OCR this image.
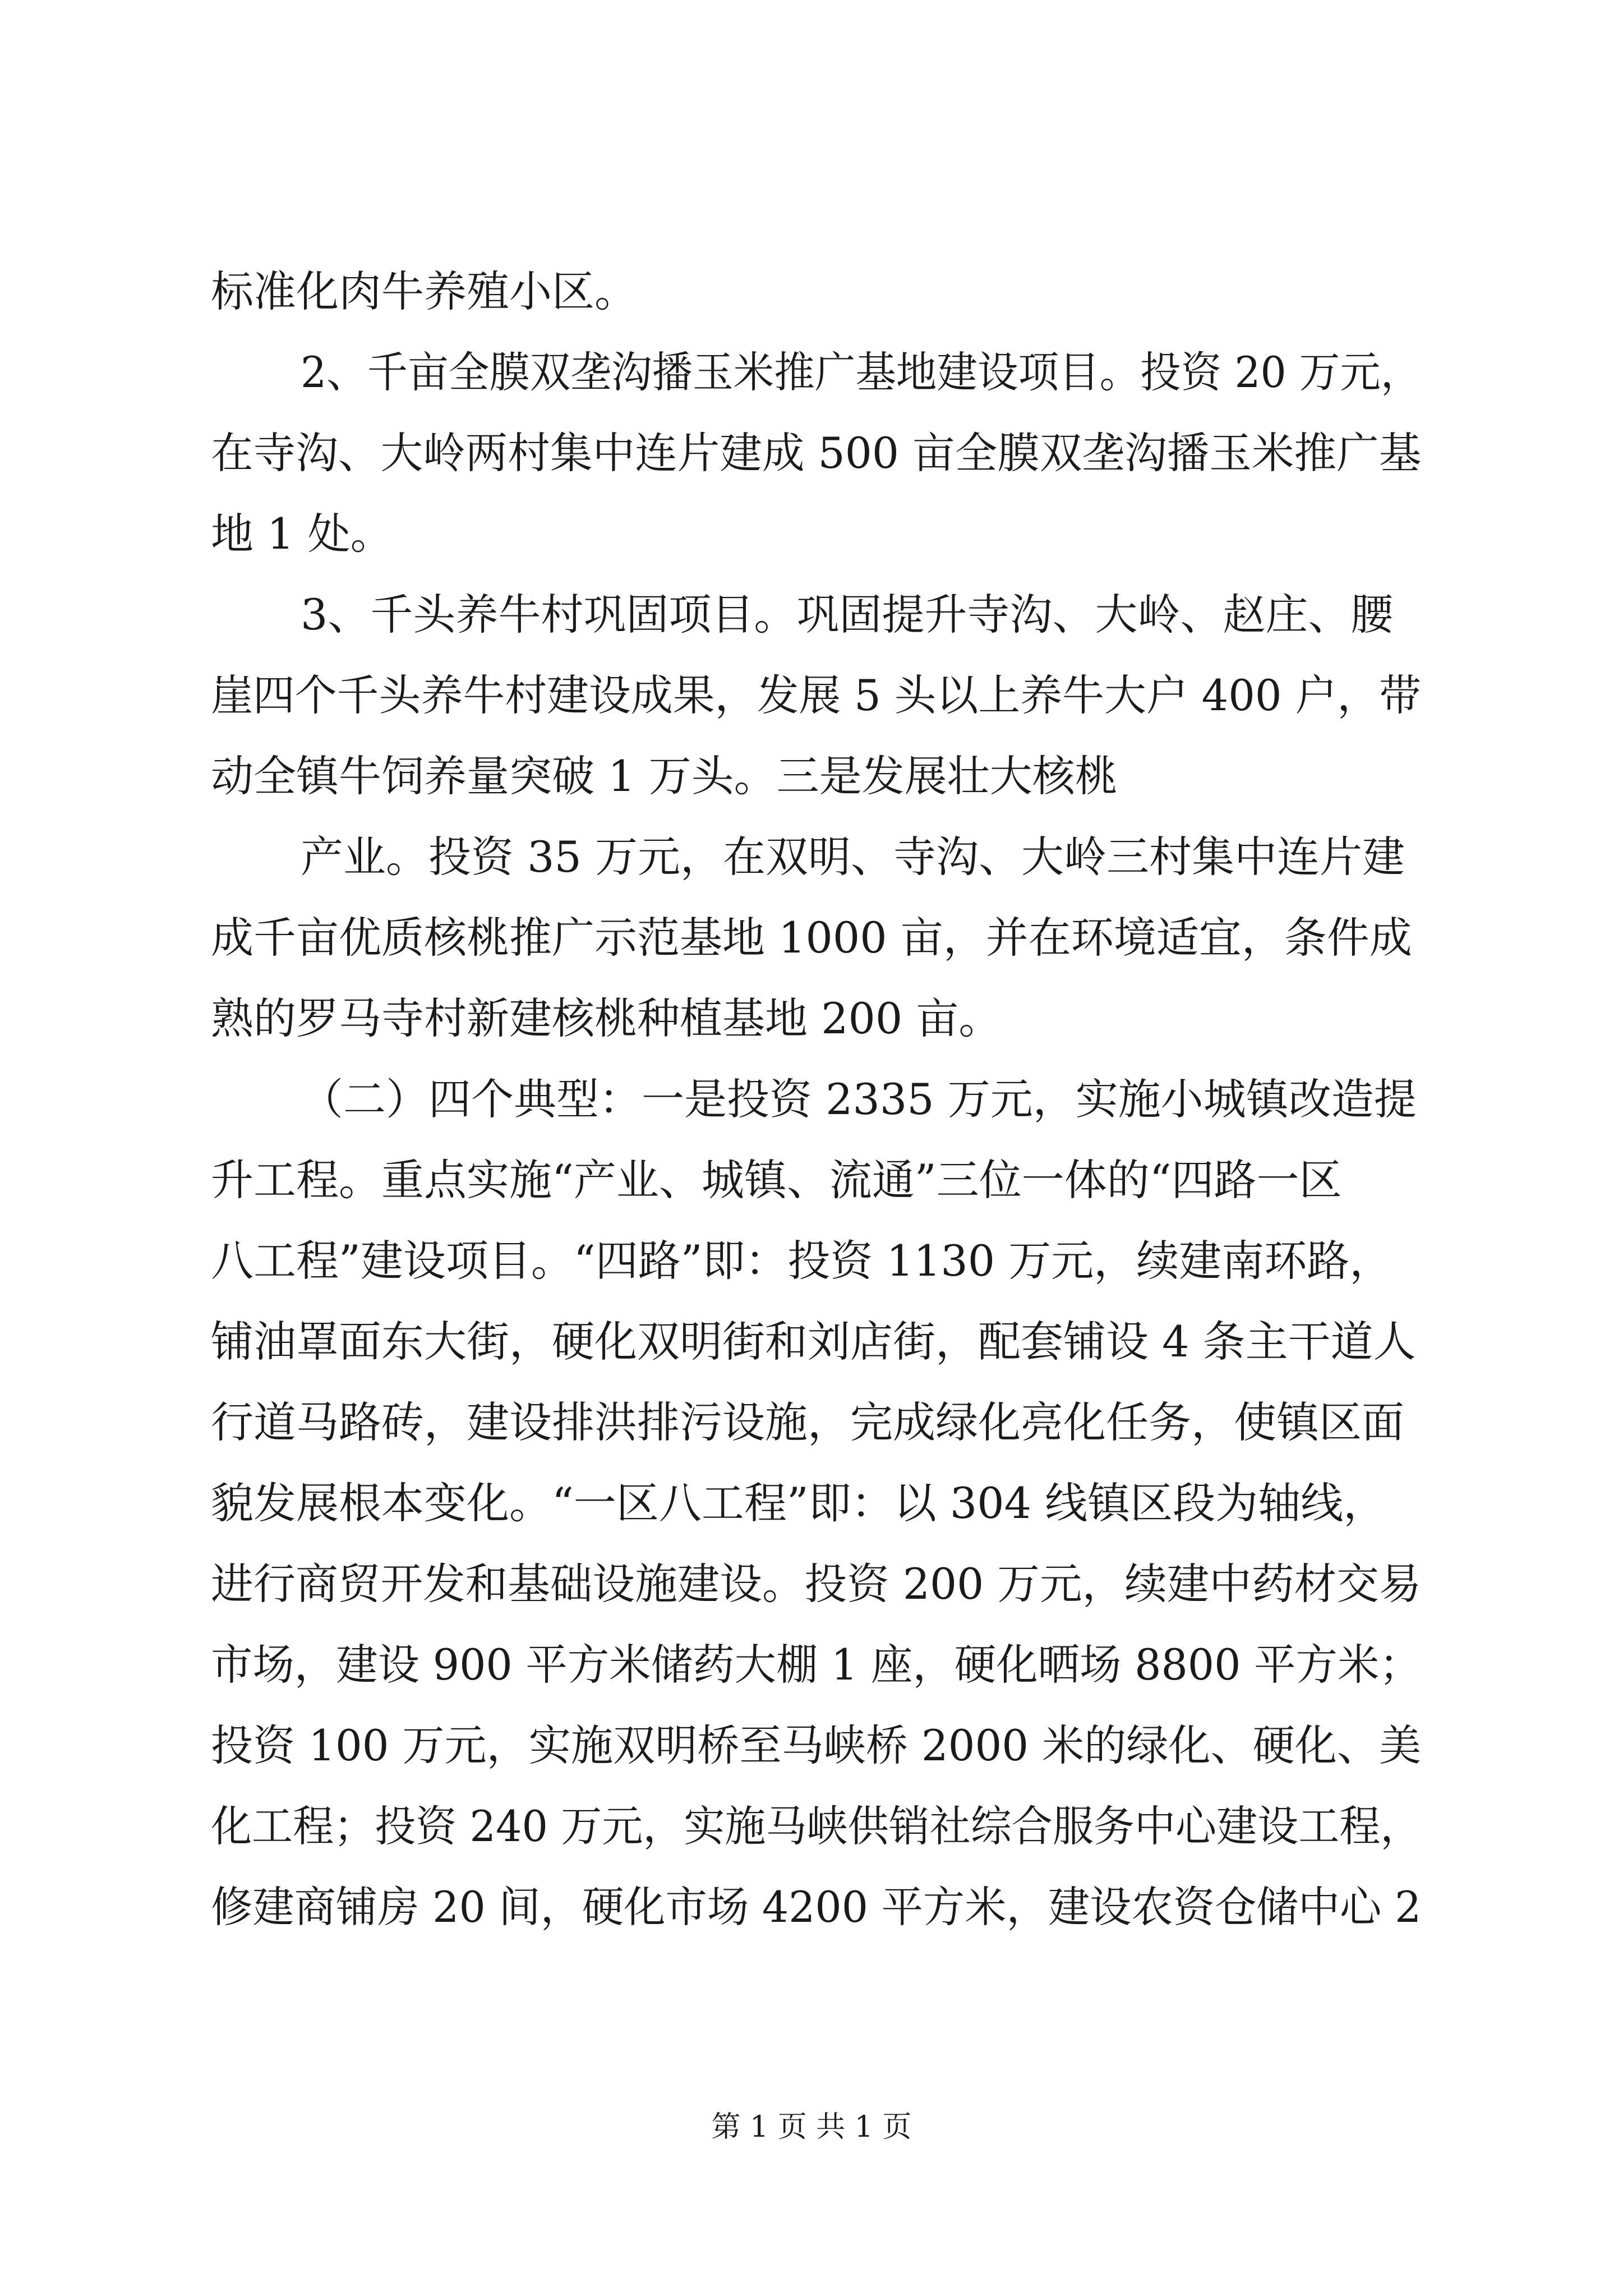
标准化肉牛养殖小区。

2、千亩全膜双垄沟播玉米推广基地建设项目。投资 20 万元，

在寺沟、大岭两村集中连片建成 500 亩全膜双垄沟播玉米推广基

地 1 处。

3、千头养牛村巩固项目。巩固提升寺沟、大岭、赵庄、腰

崖四个千头养牛村建设成果，发展 5 头以上养牛大户 400 户，带

动全镇牛饲养量突破 1 万头。三是发展壮大核桃

产业。投资 35 万元，在双明、寺沟、大岭三村集中连片建

成千亩优质核桃推广示范基地 1000 亩，并在环境适宜，条件成

熟的罗马寺村新建核桃种植基地 200 亩。

（二）四个典型：一是投资 2335 万元，实施小城镇改造提

升工程。重点实施“产业、城镇、流通”三位一体的“四路一区

八工程”建设项目。“四路”即：投资 1130 万元，续建南环路，

铺油罩面东大街，硬化双明街和刘店街，配套铺设 4 条主干道人

行道马路砖，建设排洪排污设施，完成绿化亮化任务，使镇区面

貌发展根本变化。“一区八工程”即：以 304 线镇区段为轴线，

进行商贸开发和基础设施建设。投资 200 万元，续建中药材交易

市场，建设 900 平方米储药大棚 1 座，硬化晒场 8800 平方米；

投资 100 万元，实施双明桥至马峡桥 2000 米的绿化、硬化、美

化工程；投资 240 万元，实施马峡供销社综合服务中心建设工程，

修建商铺房 20 间，硬化市场 4200 平方米，建设农资仓储中心 2

第 1 页 共 1 页
